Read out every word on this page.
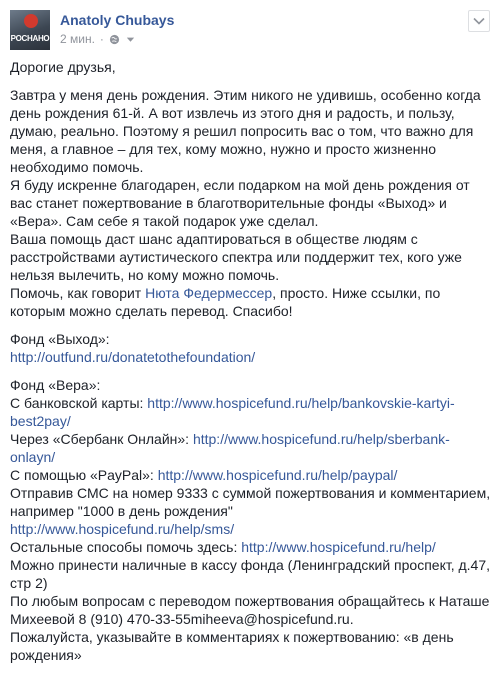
РОСНАНО
Anatoly Chubays
2 мин. ·

Дорогие друзья,

Завтра у меня день рождения. Этим никого не удивишь, особенно когда день рождения 61-й. А вот извлечь из этого дня и радость, и пользу, думаю, реально. Поэтому я решил попросить вас о том, что важно для меня, а главное – для тех, кому можно, нужно и просто жизненно необходимо помочь.

Я буду искренне благодарен, если подарком на мой день рождения от вас станет пожертвование в благотворительные фонды «Выход» и «Вера». Сам себе я такой подарок уже сделал.

Ваша помощь даст шанс адаптироваться в обществе людям с расстройствами аутистического спектра или поддержит тех, кого уже нельзя вылечить, но кому можно помочь.

Помочь, как говорит Нюта Федермессер, просто. Ниже ссылки, по которым можно сделать перевод. Спасибо!

Фонд «Выход»:

http://outfund.ru/donatetothefoundation/

Фонд «Вера»:

С банковской карты: http://www.hospicefund.ru/help/bankovskie-kartyi-best2pay/

Через «Сбербанк Онлайн»: http://www.hospicefund.ru/help/sberbank-onlayn/

С помощью «PayPal»: http://www.hospicefund.ru/help/paypal/

Отправив СМС на номер 9333 с суммой пожертвования и комментарием, например "1000 в день рождения"

http://www.hospicefund.ru/help/sms/

Остальные способы помочь здесь: http://www.hospicefund.ru/help/

Можно принести наличные в кассу фонда (Ленинградский проспект, д.47, стр 2)

По любым вопросам с переводом пожертвования обращайтесь к Наташе Михеевой 8 (910) 470-33-55miheeva@hospicefund.ru.

Пожалуйста, указывайте в комментариях к пожертвованию: «в день рождения»
